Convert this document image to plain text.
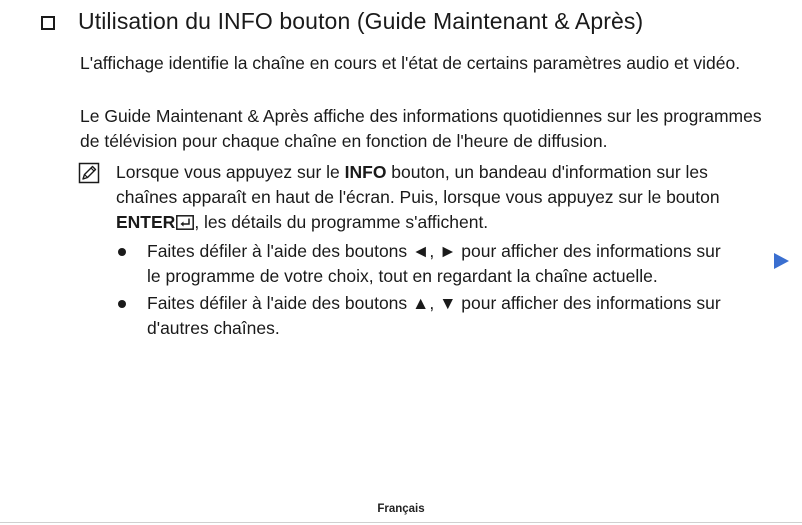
Utilisation du INFO bouton (Guide Maintenant & Après)
L'affichage identifie la chaîne en cours et l'état de certains paramètres audio et vidéo.
Le Guide Maintenant & Après affiche des informations quotidiennes sur les programmes de télévision pour chaque chaîne en fonction de l'heure de diffusion.
Lorsque vous appuyez sur le INFO bouton, un bandeau d'information sur les chaînes apparaît en haut de l'écran. Puis, lorsque vous appuyez sur le bouton ENTER , les détails du programme s'affichent.
Faites défiler à l'aide des boutons ◄, ► pour afficher des informations sur le programme de votre choix, tout en regardant la chaîne actuelle.
Faites défiler à l'aide des boutons ▲, ▼ pour afficher des informations sur d'autres chaînes.
Français
